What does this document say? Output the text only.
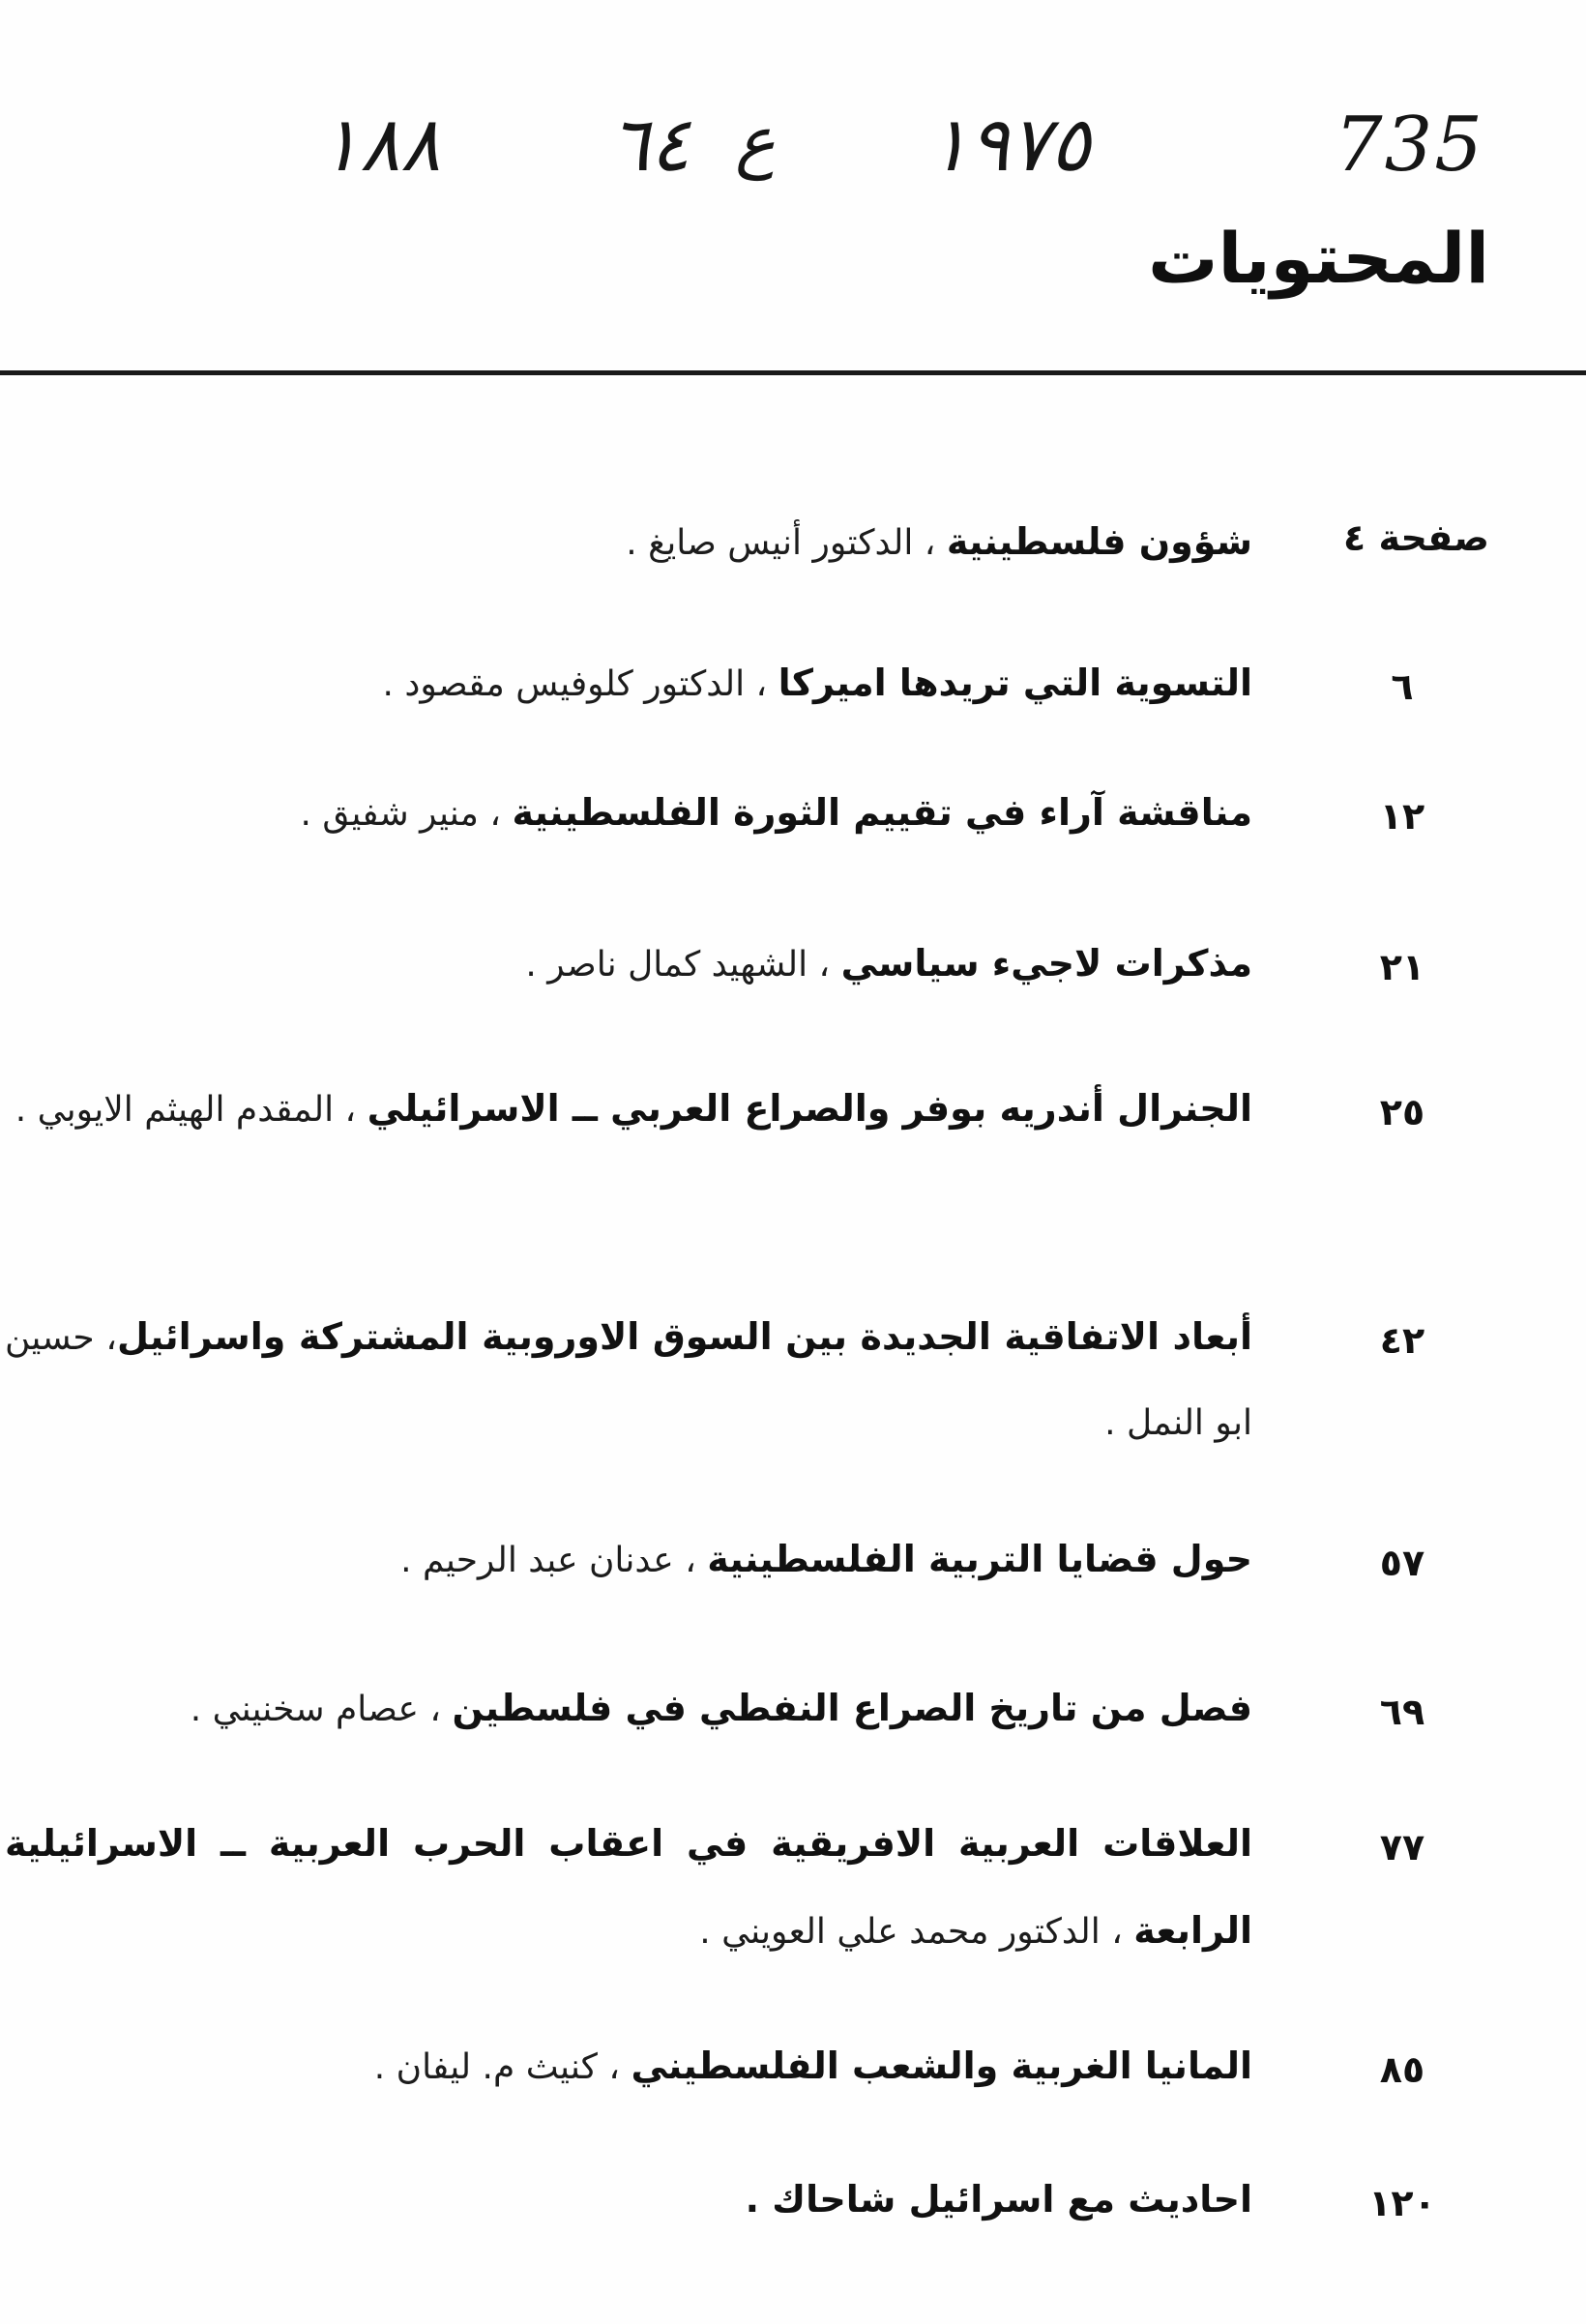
١٨٨ ٦٤ ع ١٩٧٥	735
المحتويات
صفحة ٤
شؤون فلسطينية ، الدكتور أنيس صايغ .
٦
التسوية التي تريدها اميركا ، الدكتور كلوفيس مقصود .
١٢
مناقشة آراء في تقييم الثورة الفلسطينية ، منير شفيق .
٢١
مذكرات لاجيء سياسي ، الشهيد كمال ناصر .
٢٥
الجنرال أندريه بوفر والصراع العربي ــ الاسرائيلي ، المقدم الهيثم الايوبي .
٤٢
أبعاد الاتفاقية الجديدة بين السوق الاوروبية المشتركة واسرائيل، حسين ابو النمل .
٥٧
حول قضايا التربية الفلسطينية ، عدنان عبد الرحيم .
٦٩
فصل من تاريخ الصراع النفطي في فلسطين ، عصام سخنيني .
٧٧
العلاقات العربية الافريقية في اعقاب الحرب العربية ــ الاسرائيلية الرابعة ، الدكتور محمد علي العويني .
٨٥
المانيا الغربية والشعب الفلسطيني ، كنيث م. ليفان .
١٢٠
احاديث مع اسرائيل شاحاك .
